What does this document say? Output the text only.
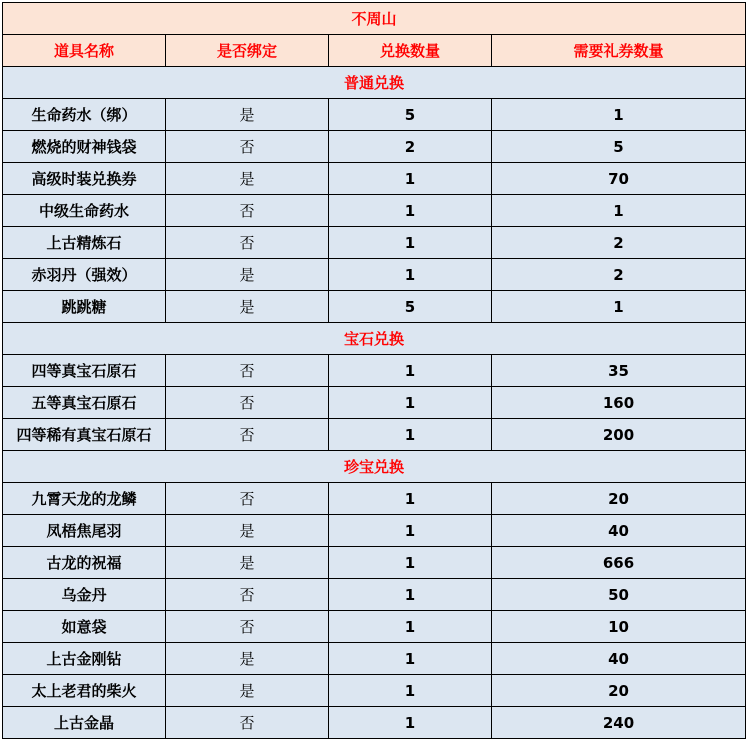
不周山			
道具名称	是否绑定	兑换数量	需要礼券数量
普通兑换			
生命药水（绑）	是	5	1
燃烧的财神钱袋	否	2	5
高级时装兑换券	是	1	70
中级生命药水	否	1	1
上古精炼石	否	1	2
赤羽丹（强效）	是	1	2
跳跳糖	是	5	1
宝石兑换			
四等真宝石原石	否	1	35
五等真宝石原石	否	1	160
四等稀有真宝石原石	否	1	200
珍宝兑换			
九霄天龙的龙鳞	否	1	20
凤梧焦尾羽	是	1	40
古龙的祝福	是	1	666
乌金丹	否	1	50
如意袋	否	1	10
上古金刚钻	是	1	40
太上老君的柴火	是	1	20
上古金晶	否	1	240
